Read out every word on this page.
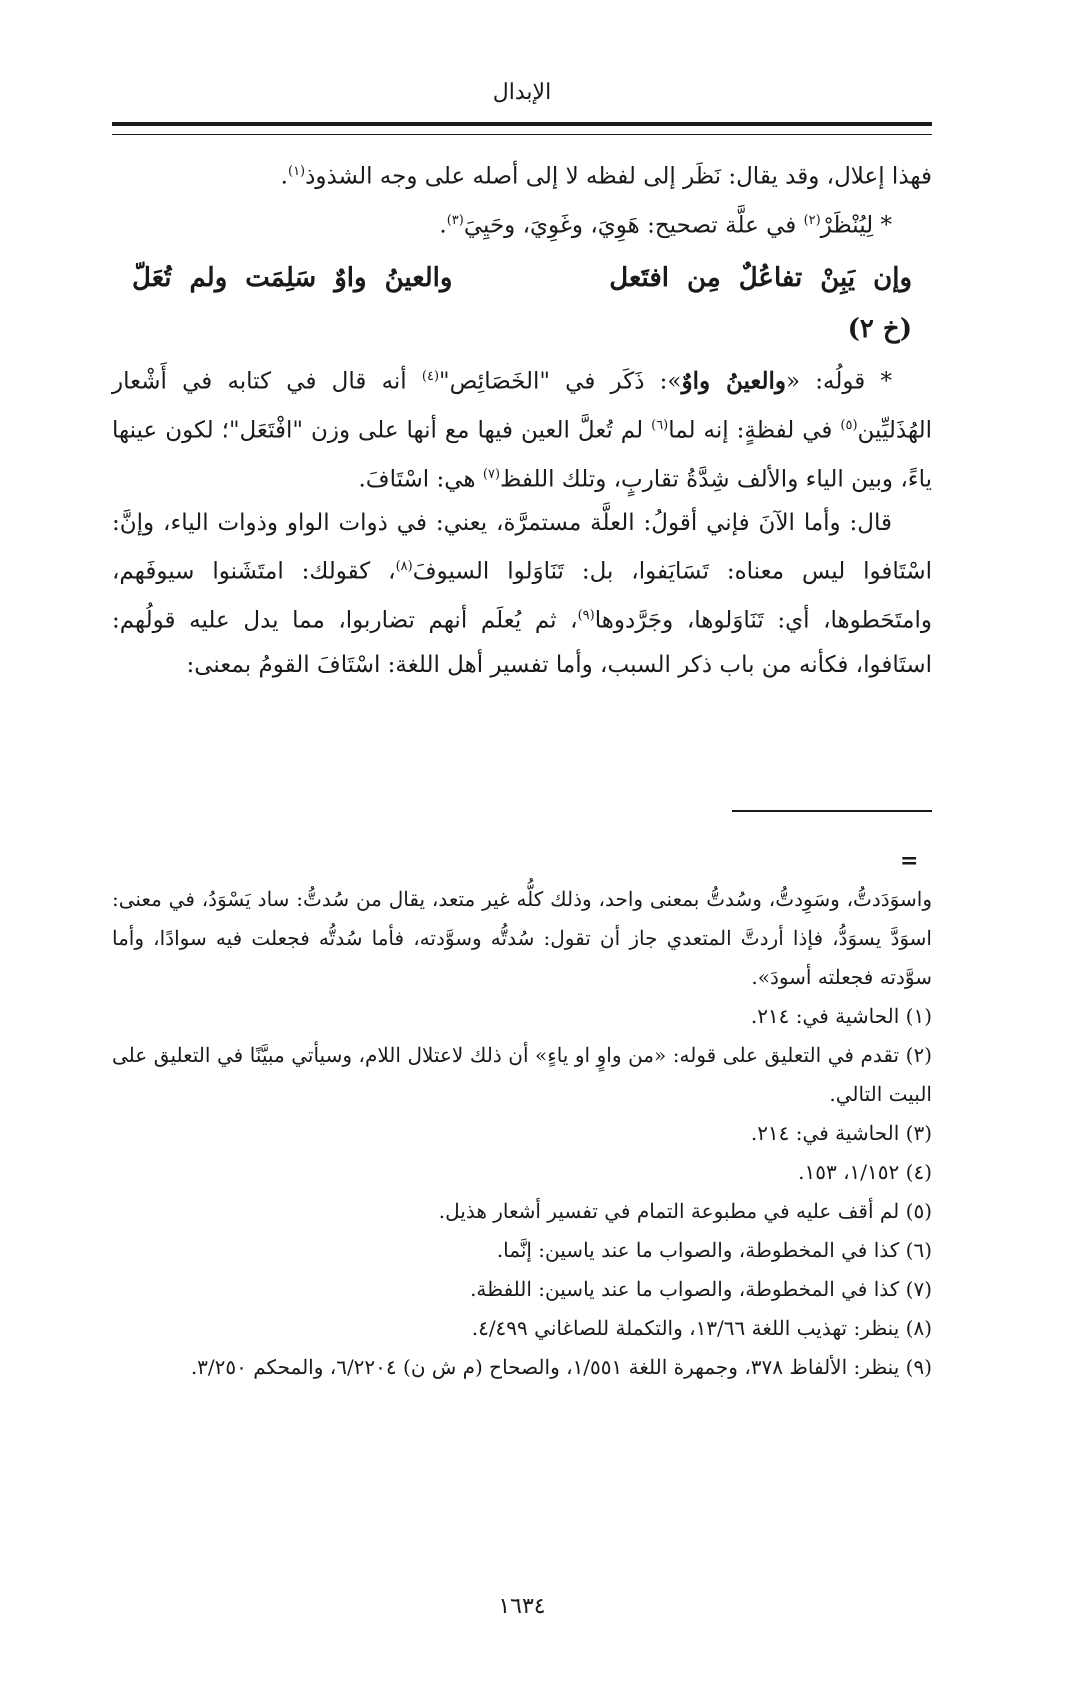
الإبدال

فهذا إعلال، وقد يقال: نَظَر إلى لفظه لا إلى أصله على وجه الشذوذ$^{(١)}$.

* لِيُنْظَرْ$^{(٢)}$ في علَّة تصحيح: هَوِيَ، وغَوِيَ، وحَيِيَ$^{(٣)}$.

وإن
يَبِنْ
تفاعُلٌ
مِن
افتَعل
والعينُ
واوٌ
سَلِمَت
ولم
تُعَلّ
(خ ٢)

* قولُه: «والعينُ واوٌ»: ذَكَر في "الخَصَائِص"$^{(٤)}$ أنه قال في كتابه في أَشْعار الهُذَليِّين$^{(٥)}$ في لفظةٍ: إنه لما$^{(٦)}$ لم تُعلَّ العين فيها مع أنها على وزن "افْتَعَل"؛ لكون عينها ياءً، وبين الياء والألف شِدَّةُ تقاربٍ، وتلك اللفظ$^{(٧)}$ هي: اسْتَافَ.

قال: وأما الآنَ فإني أقولُ: العلَّة مستمرَّة، يعني: في ذوات الواو وذوات الياء، وإنَّ: اسْتَافوا ليس معناه: تَسَايَفوا، بل: تَنَاوَلوا السيوفَ$^{(٨)}$، كقولك: امتَشَنوا سيوفَهم، وامتَحَطوها، أي: تَنَاوَلوها، وجَرَّدوها$^{(٩)}$، ثم يُعلَم أنهم تضاربوا، مما يدل عليه قولُهم: استَافوا، فكأنه من باب ذكر السبب، وأما تفسير أهل اللغة: اسْتَافَ القومُ بمعنى:

=

واسوَدَدتُّ، وسَوِدتُّ، وسُدتُّ بمعنى واحد، وذلك كلُّه غير متعد، يقال من سُدتُّ: ساد يَسْوَدُ، في معنى: اسوَدَّ يسوَدُّ، فإذا أردتَّ المتعدي جاز أن تقول: سُدتُّه وسوَّدته، فأما سُدتُّه فجعلت فيه سوادًا، وأما سوَّدته فجعلته أسودَ».

(١) الحاشية في: ٢١٤.

(٢) تقدم في التعليق على قوله: «من واوٍ او ياءٍ» أن ذلك لاعتلال اللام، وسيأتي مبيَّنًا في التعليق على البيت التالي.

(٣) الحاشية في: ٢١٤.

(٤) ١/١٥٢، ١٥٣.

(٥) لم أقف عليه في مطبوعة التمام في تفسير أشعار هذيل.

(٦) كذا في المخطوطة، والصواب ما عند ياسين: إنَّما.

(٧) كذا في المخطوطة، والصواب ما عند ياسين: اللفظة.

(٨) ينظر: تهذيب اللغة ١٣/٦٦، والتكملة للصاغاني ٤/٤٩٩.

(٩) ينظر: الألفاظ ٣٧٨، وجمهرة اللغة ١/٥٥١، والصحاح (م ش ن) ٦/٢٢٠٤، والمحكم ٣/٢٥٠.

١٦٣٤
